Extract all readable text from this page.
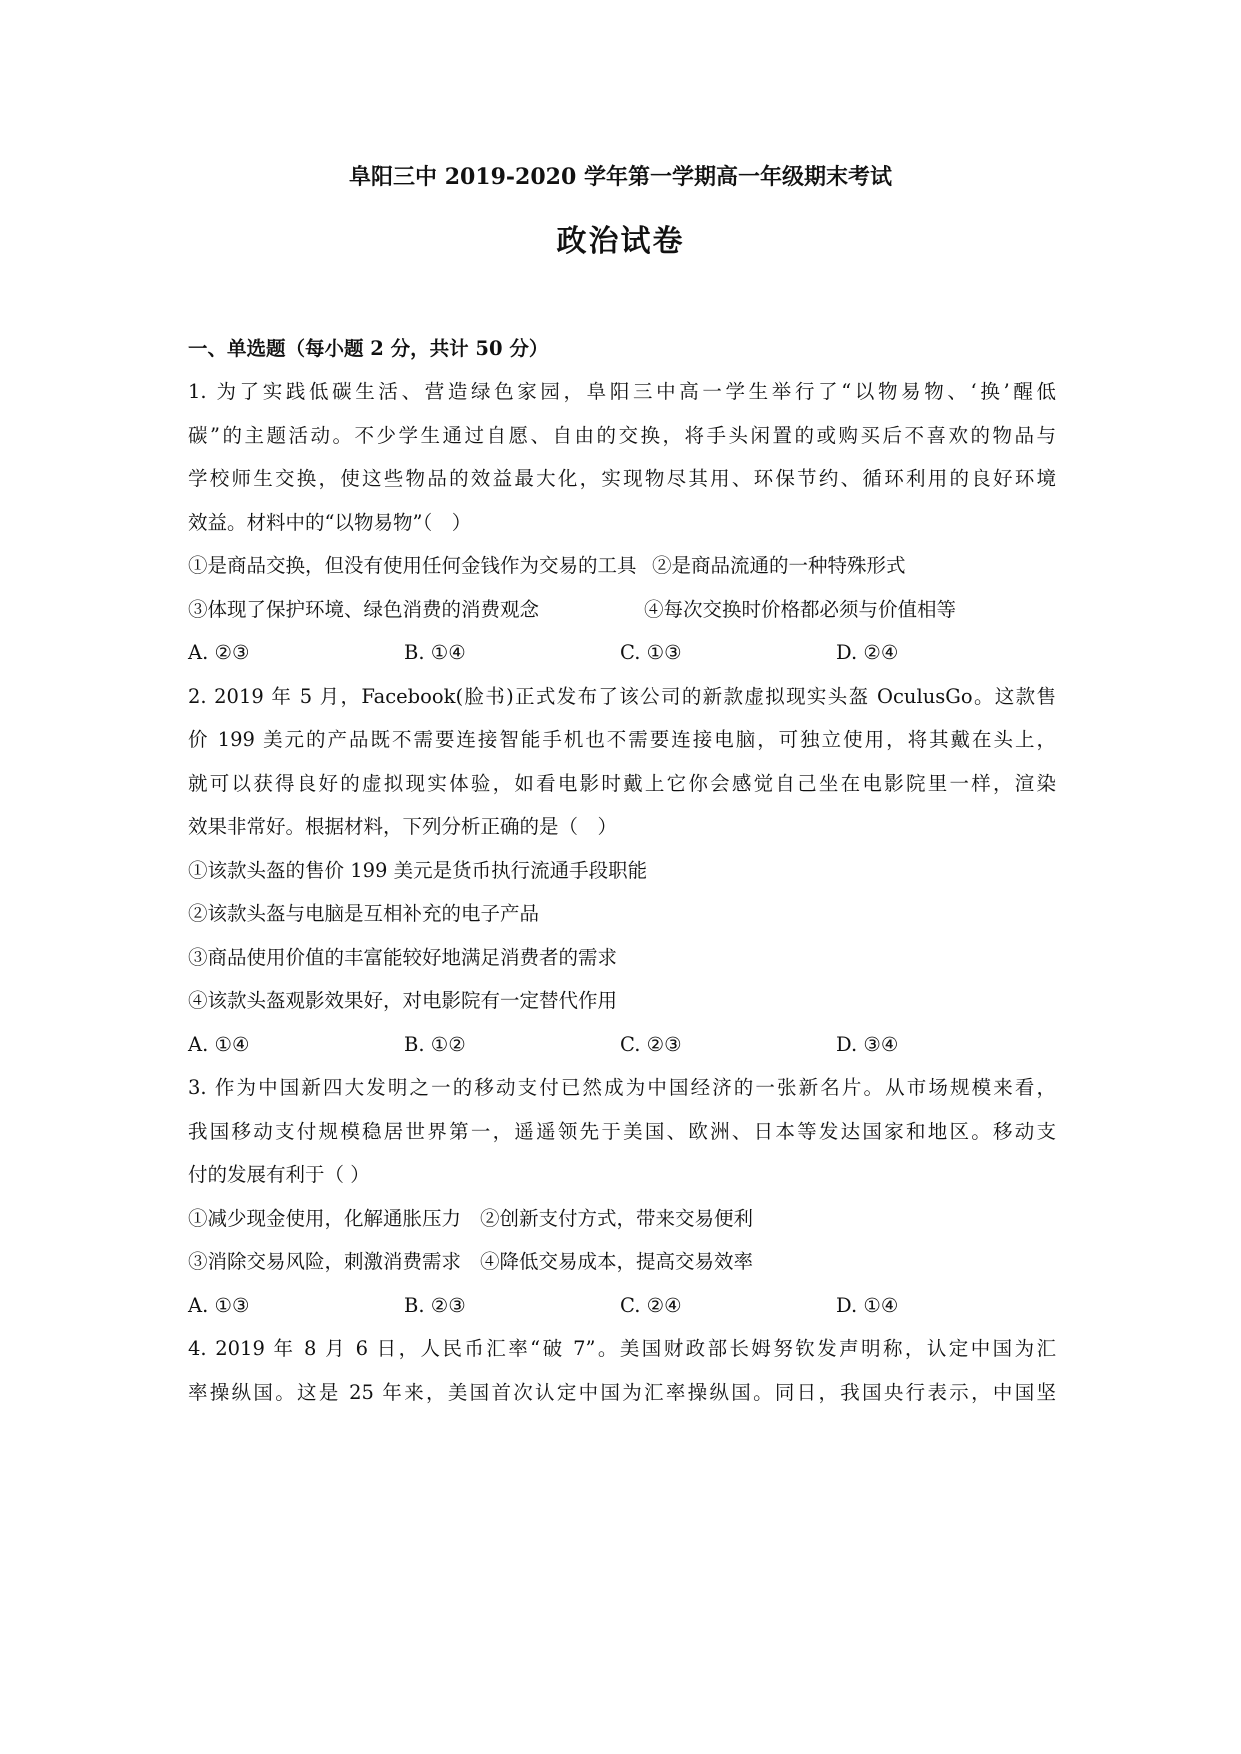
阜阳三中 2019-2020 学年第一学期高一年级期末考试
政治试卷
一、单选题（每小题 2 分，共计 50 分）
1. 为了实践低碳生活、营造绿色家园，阜阳三中高一学生举行了“以物易物、‘换’醒低
碳”的主题活动。不少学生通过自愿、自由的交换，将手头闲置的或购买后不喜欢的物品与
学校师生交换，使这些物品的效益最大化，实现物尽其用、环保节约、循环利用的良好环境
效益。材料中的“以物易物”（　）
①是商品交换，但没有使用任何金钱作为交易的工具 ②是商品流通的一种特殊形式
③体现了保护环境、绿色消费的消费观念	④每次交换时价格都必须与价值相等
A. ②③	B. ①④	C. ①③	D. ②④
2. 2019 年 5 月，Facebook(脸书)正式发布了该公司的新款虚拟现实头盔 OculusGo。这款售
价 199 美元的产品既不需要连接智能手机也不需要连接电脑，可独立使用，将其戴在头上，
就可以获得良好的虚拟现实体验，如看电影时戴上它你会感觉自己坐在电影院里一样，渲染
效果非常好。根据材料，下列分析正确的是（　）
①该款头盔的售价 199 美元是货币执行流通手段职能
②该款头盔与电脑是互相补充的电子产品
③商品使用价值的丰富能较好地满足消费者的需求
④该款头盔观影效果好，对电影院有一定替代作用
A. ①④	B. ①②	C. ②③	D. ③④
3. 作为中国新四大发明之一的移动支付已然成为中国经济的一张新名片。从市场规模来看，
我国移动支付规模稳居世界第一，遥遥领先于美国、欧洲、日本等发达国家和地区。移动支
付的发展有利于（ ）
①减少现金使用，化解通胀压力 ②创新支付方式，带来交易便利
③消除交易风险，刺激消费需求 ④降低交易成本，提高交易效率
A. ①③	B. ②③	C. ②④	D. ①④
4. 2019 年 8 月 6 日，人民币汇率“破 7”。美国财政部长姆努钦发声明称，认定中国为汇
率操纵国。这是 25 年来，美国首次认定中国为汇率操纵国。同日，我国央行表示，中国坚
